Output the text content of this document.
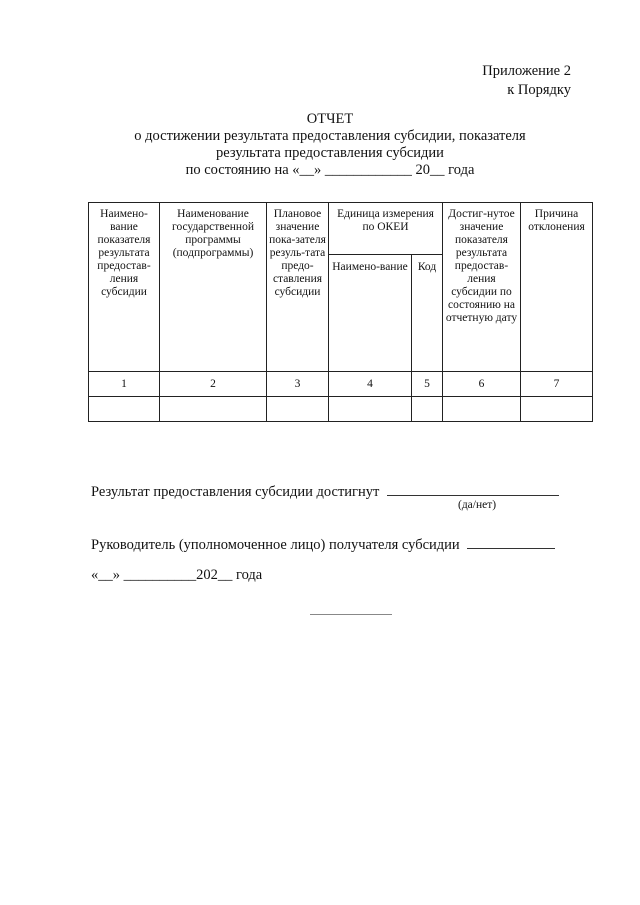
Приложение 2
к Порядку
ОТЧЕТ
о достижении результата предоставления субсидии, показателя
результата предоставления субсидии
по состоянию на «__» ____________ 20__ года
Наимено-вание показателя результата предостав-ления субсидии	Наименование государственной программы (подпрограммы)	Плановое значение пока-зателя резуль-тата предо-ставления субсидии	Единица измерения по ОКЕИ		Достиг-нутое значение показателя результата предостав-ления субсидии по состоянию на отчетную дату	Причина отклонения
			Наимено-вание	Код		
1	2	3	4	5	6	7

Результат предоставления субсидии достигнут
(да/нет)
Руководитель (уполномоченное лицо) получателя субсидии
«__» __________202__ года
